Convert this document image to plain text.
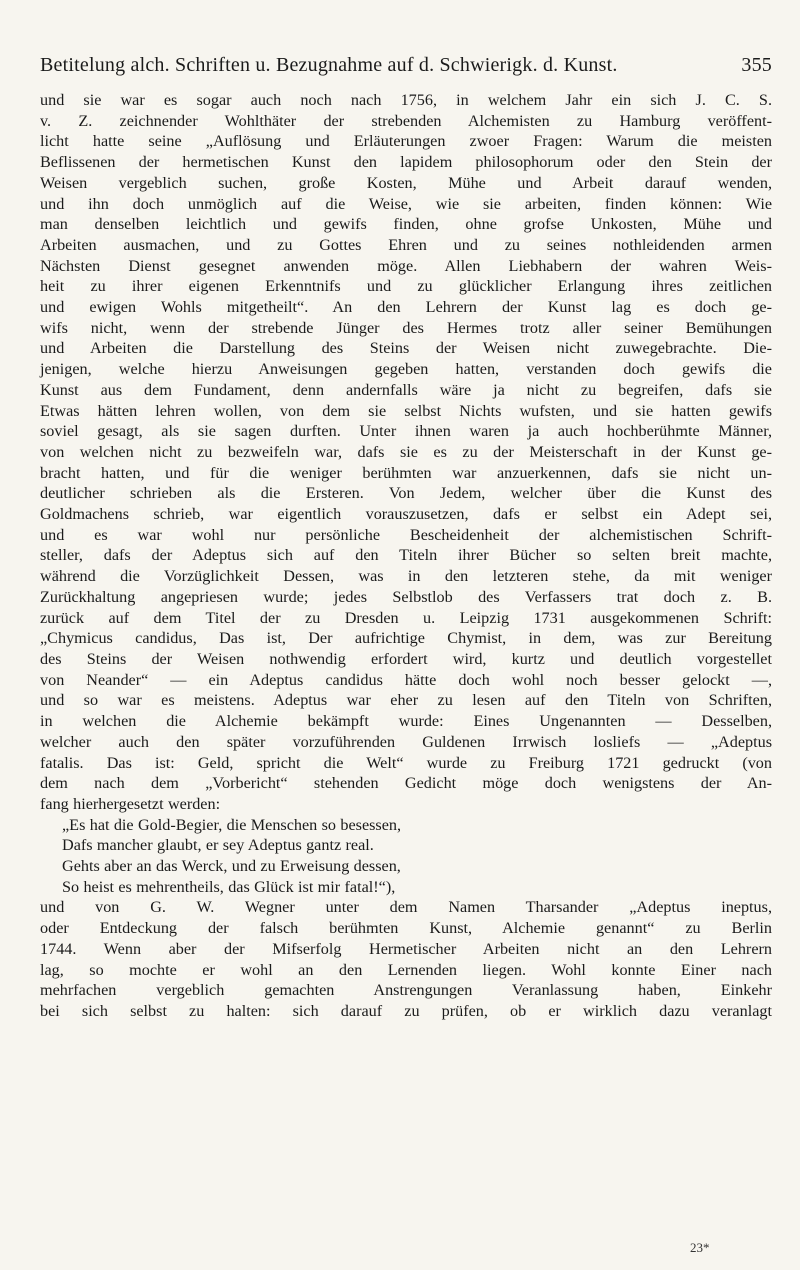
Betitelung alch. Schriften u. Bezugnahme auf d. Schwierigk. d. Kunst.	355
und sie war es sogar auch noch nach 1756, in welchem Jahr ein sich J. C. S.
v. Z. zeichnender Wohlthäter der strebenden Alchemisten zu Hamburg veröffent-
licht hatte seine „Auflösung und Erläuterungen zwoer Fragen: Warum die meisten
Beflissenen der hermetischen Kunst den lapidem philosophorum oder den Stein der
Weisen vergeblich suchen, große Kosten, Mühe und Arbeit darauf wenden,
und ihn doch unmöglich auf die Weise, wie sie arbeiten, finden können: Wie
man denselben leichtlich und gewifs finden, ohne grofse Unkosten, Mühe und
Arbeiten ausmachen, und zu Gottes Ehren und zu seines nothleidenden armen
Nächsten Dienst gesegnet anwenden möge. Allen Liebhabern der wahren Weis-
heit zu ihrer eigenen Erkenntnifs und zu glücklicher Erlangung ihres zeitlichen
und ewigen Wohls mitgetheilt“. An den Lehrern der Kunst lag es doch ge-
wifs nicht, wenn der strebende Jünger des Hermes trotz aller seiner Bemühungen
und Arbeiten die Darstellung des Steins der Weisen nicht zuwegebrachte. Die-
jenigen, welche hierzu Anweisungen gegeben hatten, verstanden doch gewifs die
Kunst aus dem Fundament, denn andernfalls wäre ja nicht zu begreifen, dafs sie
Etwas hätten lehren wollen, von dem sie selbst Nichts wufsten, und sie hatten gewifs
soviel gesagt, als sie sagen durften. Unter ihnen waren ja auch hochberühmte Männer,
von welchen nicht zu bezweifeln war, dafs sie es zu der Meisterschaft in der Kunst ge-
bracht hatten, und für die weniger berühmten war anzuerkennen, dafs sie nicht un-
deutlicher schrieben als die Ersteren. Von Jedem, welcher über die Kunst des
Goldmachens schrieb, war eigentlich vorauszusetzen, dafs er selbst ein Adept sei,
und es war wohl nur persönliche Bescheidenheit der alchemistischen Schrift-
steller, dafs der Adeptus sich auf den Titeln ihrer Bücher so selten breit machte,
während die Vorzüglichkeit Dessen, was in den letzteren stehe, da mit weniger
Zurückhaltung angepriesen wurde; jedes Selbstlob des Verfassers trat doch z. B.
zurück auf dem Titel der zu Dresden u. Leipzig 1731 ausgekommenen Schrift:
„Chymicus candidus, Das ist, Der aufrichtige Chymist, in dem, was zur Bereitung
des Steins der Weisen nothwendig erfordert wird, kurtz und deutlich vorgestellet
von Neander“ — ein Adeptus candidus hätte doch wohl noch besser gelockt —,
und so war es meistens. Adeptus war eher zu lesen auf den Titeln von Schriften,
in welchen die Alchemie bekämpft wurde: Eines Ungenannten — Desselben,
welcher auch den später vorzuführenden Guldenen Irrwisch losliefs — „Adeptus
fatalis. Das ist: Geld, spricht die Welt“ wurde zu Freiburg 1721 gedruckt (von
dem nach dem „Vorbericht“ stehenden Gedicht möge doch wenigstens der An-
fang hierhergesetzt werden:
„Es hat die Gold-Begier, die Menschen so besessen,
Dafs mancher glaubt, er sey Adeptus gantz real.
Gehts aber an das Werck, und zu Erweisung dessen,
So heist es mehrentheils, das Glück ist mir fatal!“),
und von G. W. Wegner unter dem Namen Tharsander „Adeptus ineptus,
oder Entdeckung der falsch berühmten Kunst, Alchemie genannt“ zu Berlin
1744. Wenn aber der Mifserfolg Hermetischer Arbeiten nicht an den Lehrern
lag, so mochte er wohl an den Lernenden liegen. Wohl konnte Einer nach
mehrfachen vergeblich gemachten Anstrengungen Veranlassung haben, Einkehr
bei sich selbst zu halten: sich darauf zu prüfen, ob er wirklich dazu veranlagt
23*
